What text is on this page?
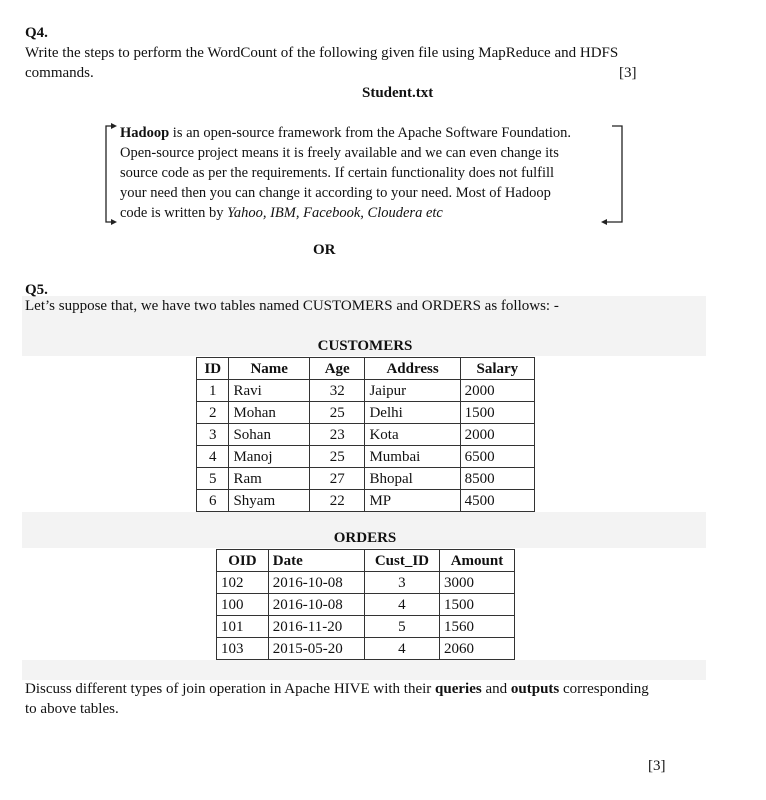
Q4.
Write the steps to perform the WordCount of the following given file using MapReduce and HDFS
commands.	[3]
Student.txt
Hadoop is an open-source framework from the Apache Software Foundation.
Open-source project means it is freely available and we can even change its
source code as per the requirements. If certain functionality does not fulfill
your need then you can change it according to your need. Most of Hadoop
code is written by Yahoo, IBM, Facebook, Cloudera etc
OR
Q5.
Let’s suppose that, we have two tables named CUSTOMERS and ORDERS as follows: -
CUSTOMERS
ID	Name	Age	Address	Salary
1	Ravi	32	Jaipur	2000
2	Mohan	25	Delhi	1500
3	Sohan	23	Kota	2000
4	Manoj	25	Mumbai	6500
5	Ram	27	Bhopal	8500
6	Shyam	22	MP	4500
ORDERS
OID	Date	Cust_ID	Amount
102	2016-10-08	3	3000
100	2016-10-08	4	1500
101	2016-11-20	5	1560
103	2015-05-20	4	2060
Discuss different types of join operation in Apache HIVE with their queries and outputs corresponding
to above tables.
[3]
